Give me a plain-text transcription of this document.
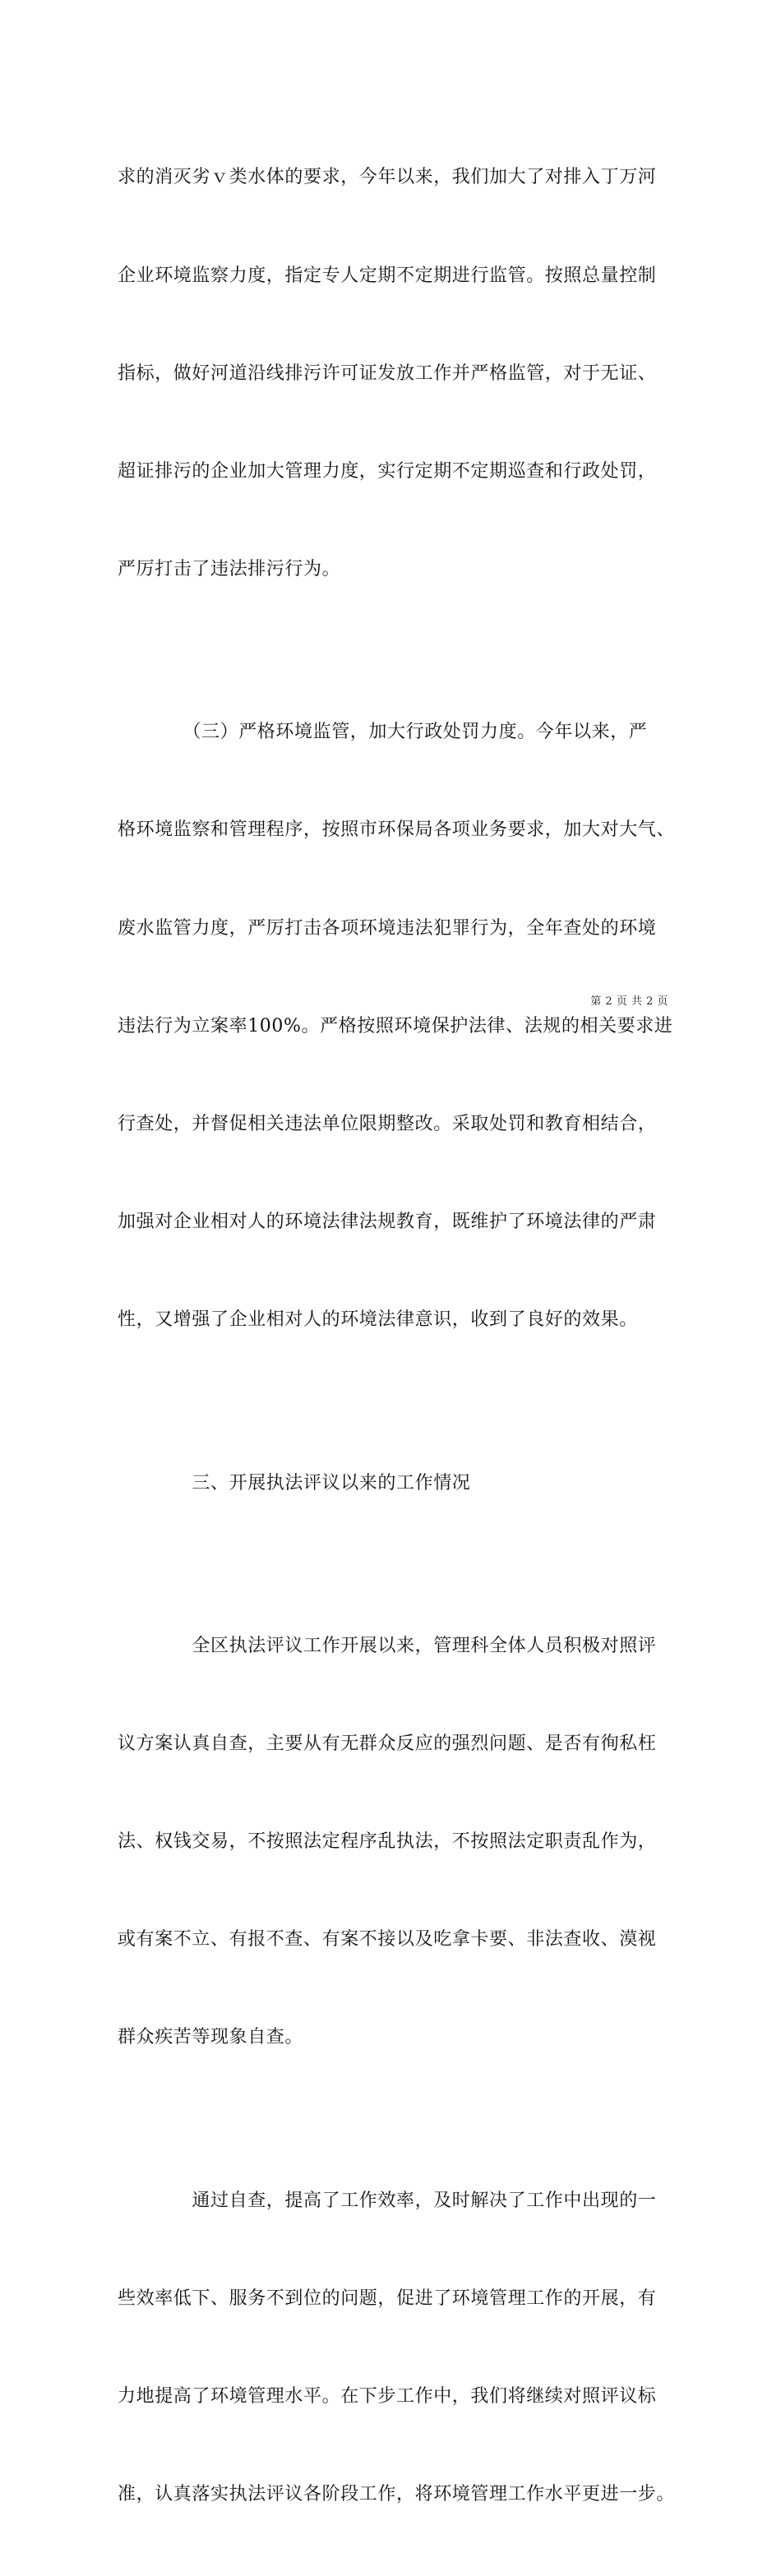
求的消灭劣ｖ类水体的要求，今年以来，我们加大了对排入丁万河

企业环境监察力度，指定专人定期不定期进行监管。按照总量控制

指标，做好河道沿线排污许可证发放工作并严格监管，对于无证、

超证排污的企业加大管理力度，实行定期不定期巡查和行政处罚，

严厉打击了违法排污行为。

　　　　（三）严格环境监管，加大行政处罚力度。今年以来，严

格环境监察和管理程序，按照市环保局各项业务要求，加大对大气、

废水监管力度，严厉打击各项环境违法犯罪行为，全年查处的环境

违法行为立案率100%。严格按照环境保护法律、法规的相关要求进

行查处，并督促相关违法单位限期整改。采取处罚和教育相结合，

加强对企业相对人的环境法律法规教育，既维护了环境法律的严肃

性，又增强了企业相对人的环境法律意识，收到了良好的效果。

　　　　三、开展执法评议以来的工作情况

　　　　全区执法评议工作开展以来，管理科全体人员积极对照评

议方案认真自查，主要从有无群众反应的强烈问题、是否有徇私枉

法、权钱交易，不按照法定程序乱执法，不按照法定职责乱作为，

或有案不立、有报不查、有案不接以及吃拿卡要、非法查收、漠视

群众疾苦等现象自查。

　　　　通过自查，提高了工作效率，及时解决了工作中出现的一

些效率低下、服务不到位的问题，促进了环境管理工作的开展，有

力地提高了环境管理水平。在下步工作中，我们将继续对照评议标

准，认真落实执法评议各阶段工作，将环境管理工作水平更进一步。

第 2 页 共 2 页
